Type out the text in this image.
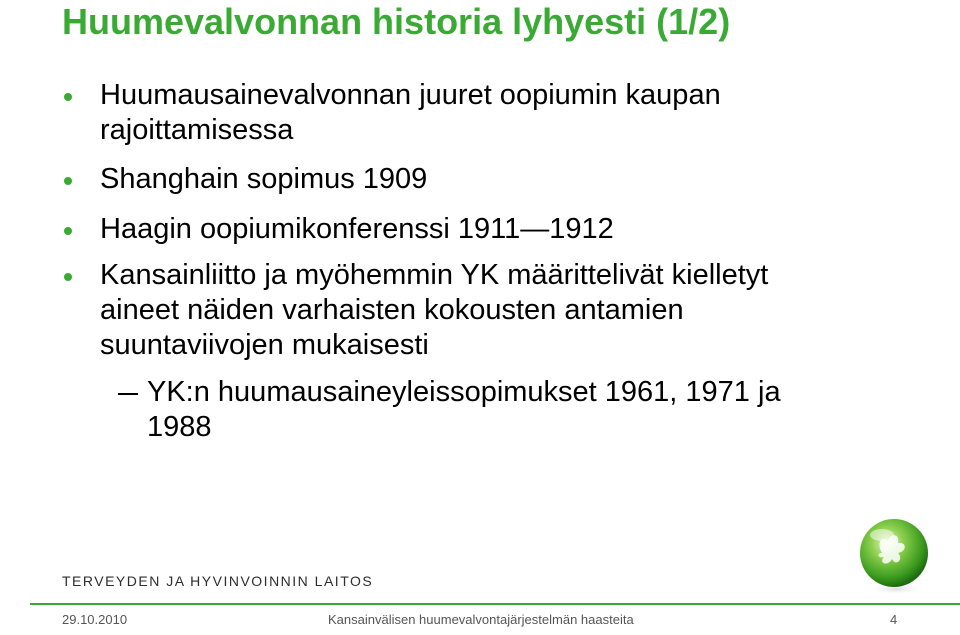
Huumevalvonnan historia lyhyesti (1/2)
Huumausainevalvonnan juuret oopiumin kaupan
rajoittamisessa
Shanghain sopimus 1909
Haagin oopiumikonferenssi 1911—1912
Kansainliitto ja myöhemmin YK määrittelivät kielletyt
aineet näiden varhaisten kokousten antamien
suuntaviivojen mukaisesti
YK:n huumausaineyleissopimukset 1961, 1971 ja
1988
TERVEYDEN JA HYVINVOINNIN LAITOS
29.10.2010	Kansainvälisen huumevalvontajärjestelmän haasteita	4
